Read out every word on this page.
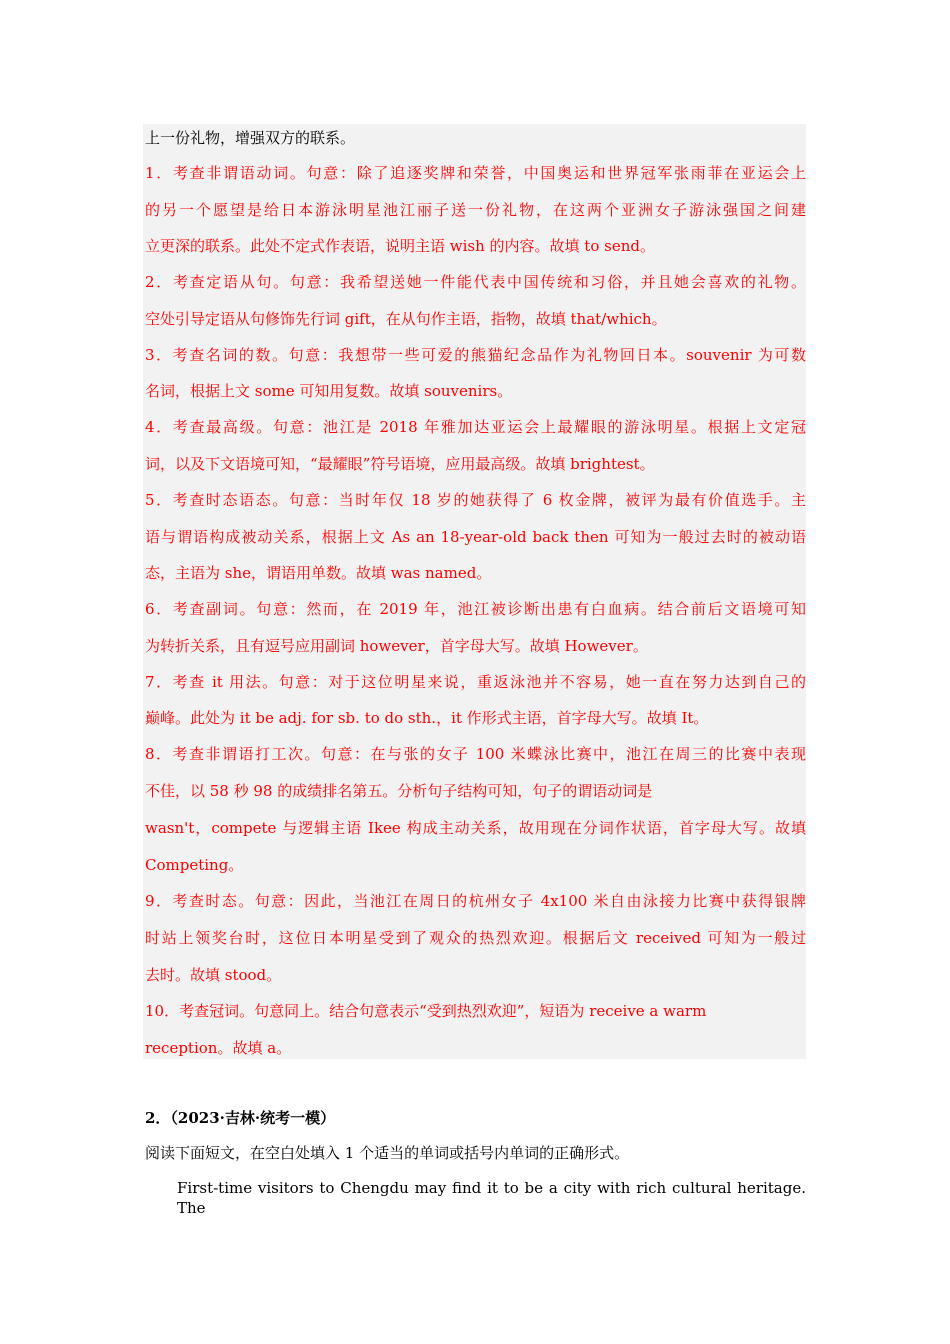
上一份礼物，增强双方的联系。
1．考查非谓语动词。句意：除了追逐奖牌和荣誉，中国奥运和世界冠军张雨菲在亚运会上
的另一个愿望是给日本游泳明星池江丽子送一份礼物，在这两个亚洲女子游泳强国之间建
立更深的联系。此处不定式作表语，说明主语 wish 的内容。故填 to send。
2．考查定语从句。句意：我希望送她一件能代表中国传统和习俗，并且她会喜欢的礼物。
空处引导定语从句修饰先行词 gift，在从句作主语，指物，故填 that/which。
3．考查名词的数。句意：我想带一些可爱的熊猫纪念品作为礼物回日本。souvenir 为可数
名词，根据上文 some 可知用复数。故填 souvenirs。
4．考查最高级。句意：池江是 2018 年雅加达亚运会上最耀眼的游泳明星。根据上文定冠
词，以及下文语境可知，“最耀眼”符号语境，应用最高级。故填 brightest。
5．考查时态语态。句意：当时年仅 18 岁的她获得了 6 枚金牌，被评为最有价值选手。主
语与谓语构成被动关系，根据上文 As an 18-year-old back then 可知为一般过去时的被动语
态，主语为 she，谓语用单数。故填 was named。
6．考查副词。句意：然而，在 2019 年，池江被诊断出患有白血病。结合前后文语境可知
为转折关系，且有逗号应用副词 however，首字母大写。故填 However。
7．考查 it 用法。句意：对于这位明星来说，重返泳池并不容易，她一直在努力达到自己的
巅峰。此处为 it be adj. for sb. to do sth.，it 作形式主语，首字母大写。故填 It。
8．考查非谓语打工次。句意：在与张的女子 100 米蝶泳比赛中，池江在周三的比赛中表现
不佳，以 58 秒 98 的成绩排名第五。分析句子结构可知，句子的谓语动词是
wasn't，compete 与逻辑主语 Ikee 构成主动关系，故用现在分词作状语，首字母大写。故填
Competing。
9．考查时态。句意：因此，当池江在周日的杭州女子 4x100 米自由泳接力比赛中获得银牌
时站上领奖台时，这位日本明星受到了观众的热烈欢迎。根据后文 received 可知为一般过
去时。故填 stood。
10．考查冠词。句意同上。结合句意表示“受到热烈欢迎”，短语为 receive a warm
reception。故填 a。
2．（2023·吉林·统考一模）
阅读下面短文，在空白处填入 1 个适当的单词或括号内单词的正确形式。
First-time visitors to Chengdu may find it to be a city with rich cultural heritage. The
